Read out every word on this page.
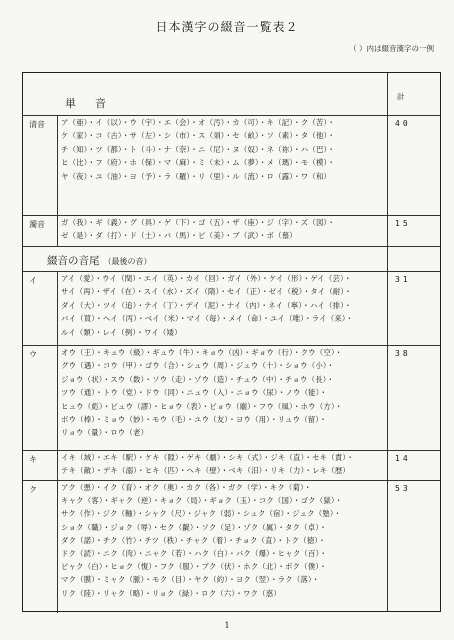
日本漢字の綴音一覧表２
（ ）内は綴音漢字の一例
計
単　音
清音 ア（亜）・イ（以）・ウ（宇）・エ（会）・オ（汚）・カ（可）・キ（記）・ク（苦）・
ケ（家）・コ（古）・サ（左）・シ（市）・ス（須）・セ（畝）・ソ（素）・タ（他）・
チ（知）・ツ（都）・ト（斗）・ナ（奈）・ニ（尼）・ヌ（奴）・ネ（祢）・ハ（巴）・
ヒ（比）・フ（府）・ホ（保）・マ（麻）・ミ（未）・ム（夢）・メ（瑪）・モ（模）・
ヤ（夜）・ユ（油）・ヨ（予）・ラ（羅）・リ（里）・ル（流）・ロ（露）・ワ（和）
40
濁音 ガ（我）・ギ（義）・グ（具）・ゲ（下）・ゴ（五）・ザ（座）・ジ（字）・ズ（図）・
ゼ（是）・ダ（打）・ド（土）・バ（馬）・ビ（美）・ブ（武）・ボ（慕）
15
綴音の音尾 （最後の音）
イ	アイ（愛）・ウイ（閏）・エイ（英）・カイ（回）・ガイ（外）・ケイ（形）・ゲイ（芸）・
サイ（再）・ザイ（在）・スイ（水）・ズイ（隋）・セイ（正）・ゼイ（税）・タイ（耐）・
ダイ（大）・ツイ（追）・テイ（丁）・デイ（泥）・ナイ（内）・ネイ（寧）・ハイ（排）・
バイ（買）・ヘイ（丙）・ベイ（米）・マイ（毎）・メイ（命）・ユイ（唯）・ライ（来）・
ルイ（類）・レイ（例）・ワイ（矮）
31
ウ	オウ（王）・キュウ（級）・ギュウ（牛）・キョウ（凶）・ギョウ（行）・クウ（空）・
グウ（遇）・コウ（甲）・ゴウ（合）・シュウ（周）・ジュウ（十）・ショウ（小）・
ジョウ（状）・スウ（数）・ソウ（走）・ゾウ（造）・チュウ（中）・チョウ（長）・
ツウ（通）・トウ（党）・ドウ（同）・ニュウ（入）・ニョウ（尿）・ノウ（能）・
ヒュウ（彪）・ビュウ（謬）・ヒョウ（表）・ビョウ（廟）・フウ（風）・ホウ（方）・
ボウ（棒）・ミョウ（妙）・モウ（毛）・ユウ（友）・ヨウ（用）・リュウ（留）・
リョウ（量）・ロウ（老）
38
キ	イキ（域）・エキ（駅）・ケキ（隙）・ゲキ（劇）・シキ（式）・ジキ（直）・セキ（責）・
テキ（敵）・デキ（溺）・ヒキ（匹）・ヘキ（壁）・ベキ（汨）・リキ（力）・レキ（歴）
14
ク	アク（悪）・イク（育）・オク（奥）・カク（各）・ガク（学）・キク（菊）・
キャク（客）・ギャク（逆）・キョク（局）・ギョク（玉）・コク（国）・ゴク（獄）・
サク（作）・ジク（軸）・シャク（尺）・ジャク（弱）・シュク（宿）・ジュク（塾）・
ショク（職）・ジョク（辱）・セク（齪）・ソク（足）・ゾク（属）・タク（卓）・
ダク（諾）・チク（竹）・チツ（秩）・チャク（着）・チョク（直）・トク（徳）・
ドク（読）・ニク（肉）・ニャク（若）・ハク（白）・バク（爆）・ヒャク（百）・
ビャク（白）・ヒョク（愎）・フク（服）・ブク（伏）・ホク（北）・ボク（僕）・
マク（膜）・ミャク（脈）・モク（目）・ヤク（約）・ヨク（翌）・ラク（落）・
リク（陸）・リャク（略）・リョク（緑）・ロク（六）・ワク（惑）
53
1
